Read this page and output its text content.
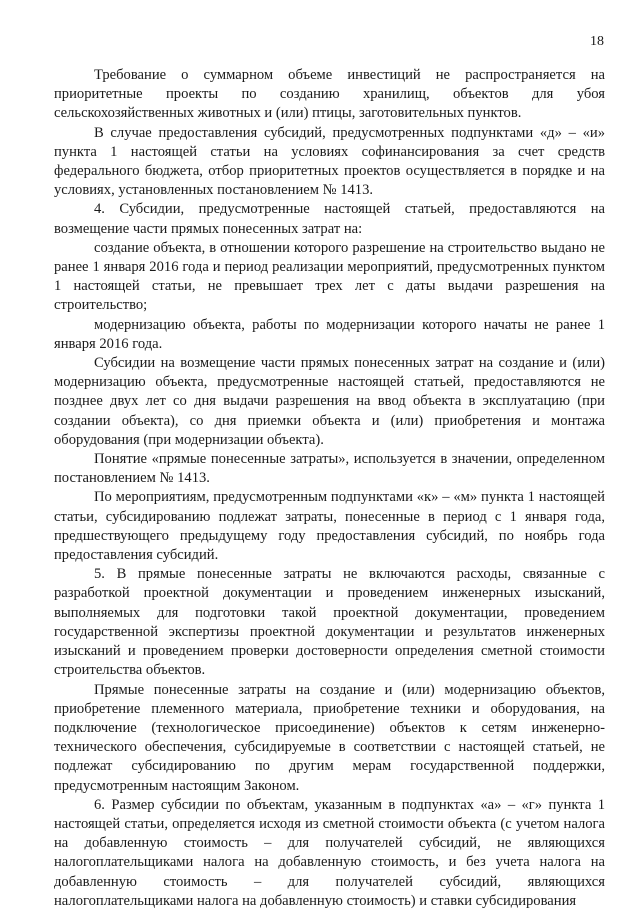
18

Требование о суммарном объеме инвестиций не распространяется на приоритетные проекты по созданию хранилищ, объектов для убоя сельскохозяйственных животных и (или) птицы, заготовительных пунктов.

В случае предоставления субсидий, предусмотренных подпунктами «д» – «и» пункта 1 настоящей статьи на условиях софинансирования за счет средств федерального бюджета, отбор приоритетных проектов осуществляется в порядке и на условиях, установленных постановлением № 1413.

4. Субсидии, предусмотренные настоящей статьей, предоставляются на возмещение части прямых понесенных затрат на:

создание объекта, в отношении которого разрешение на строительство выдано не ранее 1 января 2016 года и период реализации мероприятий, предусмотренных пунктом 1 настоящей статьи, не превышает трех лет с даты выдачи разрешения на строительство;

модернизацию объекта, работы по модернизации которого начаты не ранее 1 января 2016 года.

Субсидии на возмещение части прямых понесенных затрат на создание и (или) модернизацию объекта, предусмотренные настоящей статьей, предоставляются не позднее двух лет со дня выдачи разрешения на ввод объекта в эксплуатацию (при создании объекта), со дня приемки объекта и (или) приобретения и монтажа оборудования (при модернизации объекта).

Понятие «прямые понесенные затраты», используется в значении, определенном постановлением № 1413.

По мероприятиям, предусмотренным подпунктами «к» – «м» пункта 1 настоящей статьи, субсидированию подлежат затраты, понесенные в период с 1 января года, предшествующего предыдущему году предоставления субсидий, по ноябрь года предоставления субсидий.

5. В прямые понесенные затраты не включаются расходы, связанные с разработкой проектной документации и проведением инженерных изысканий, выполняемых для подготовки такой проектной документации, проведением государственной экспертизы проектной документации и результатов инженерных изысканий и проведением проверки достоверности определения сметной стоимости строительства объектов.

Прямые понесенные затраты на создание и (или) модернизацию объектов, приобретение племенного материала, приобретение техники и оборудования, на подключение (технологическое присоединение) объектов к сетям инженерно-технического обеспечения, субсидируемые в соответствии с настоящей статьей, не подлежат субсидированию по другим мерам государственной поддержки, предусмотренным настоящим Законом.

6. Размер субсидии по объектам, указанным в подпунктах «а» – «г» пункта 1 настоящей статьи, определяется исходя из сметной стоимости объекта (с учетом налога на добавленную стоимость – для получателей субсидий, не являющихся налогоплательщиками налога на добавленную стоимость, и без учета налога на добавленную стоимость – для получателей субсидий, являющихся налогоплательщиками налога на добавленную стоимость) и ставки субсидирования
